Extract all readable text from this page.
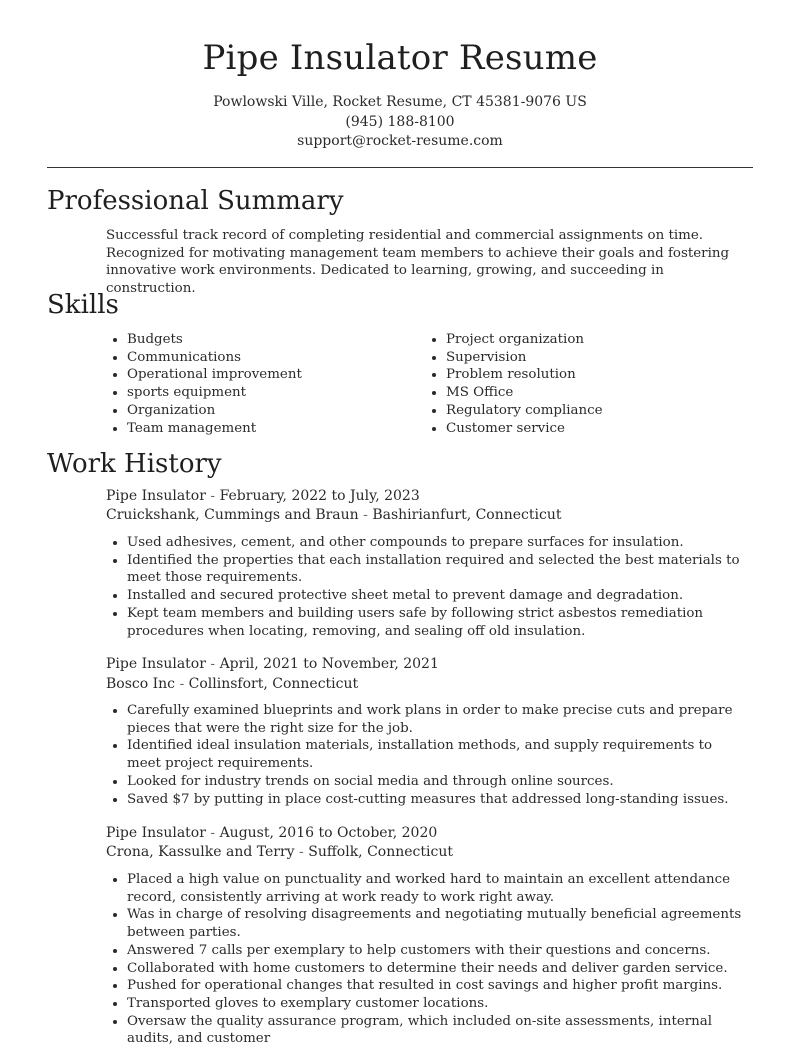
Pipe Insulator Resume
Powlowski Ville, Rocket Resume, CT 45381-9076 US
(945) 188-8100
support@rocket-resume.com
Professional Summary

Successful track record of completing residential and commercial assignments on time. Recognized for motivating management team members to achieve their goals and fostering innovative work environments. Dedicated to learning, growing, and succeeding in construction.

Skills
• Budgets
• Communications
• Operational improvement
• sports equipment
• Organization
• Team management
• Project organization
• Supervision
• Problem resolution
• MS Office
• Regulatory compliance
• Customer service
Work History
Pipe Insulator - February, 2022 to July, 2023
Cruickshank, Cummings and Braun - Bashirianfurt, Connecticut
• Used adhesives, cement, and other compounds to prepare surfaces for insulation.
• Identified the properties that each installation required and selected the best materials to meet those requirements.
• Installed and secured protective sheet metal to prevent damage and degradation.
• Kept team members and building users safe by following strict asbestos remediation procedures when locating, removing, and sealing off old insulation.
Pipe Insulator - April, 2021 to November, 2021
Bosco Inc - Collinsfort, Connecticut
• Carefully examined blueprints and work plans in order to make precise cuts and prepare pieces that were the right size for the job.
• Identified ideal insulation materials, installation methods, and supply requirements to meet project requirements.
• Looked for industry trends on social media and through online sources.
• Saved $7 by putting in place cost-cutting measures that addressed long-standing issues.
Pipe Insulator - August, 2016 to October, 2020
Crona, Kassulke and Terry - Suffolk, Connecticut
• Placed a high value on punctuality and worked hard to maintain an excellent attendance record, consistently arriving at work ready to work right away.
• Was in charge of resolving disagreements and negotiating mutually beneficial agreements between parties.
• Answered 7 calls per exemplary to help customers with their questions and concerns.
• Collaborated with home customers to determine their needs and deliver garden service.
• Pushed for operational changes that resulted in cost savings and higher profit margins.
• Transported gloves to exemplary customer locations.
• Oversaw the quality assurance program, which included on-site assessments, internal audits, and customer
